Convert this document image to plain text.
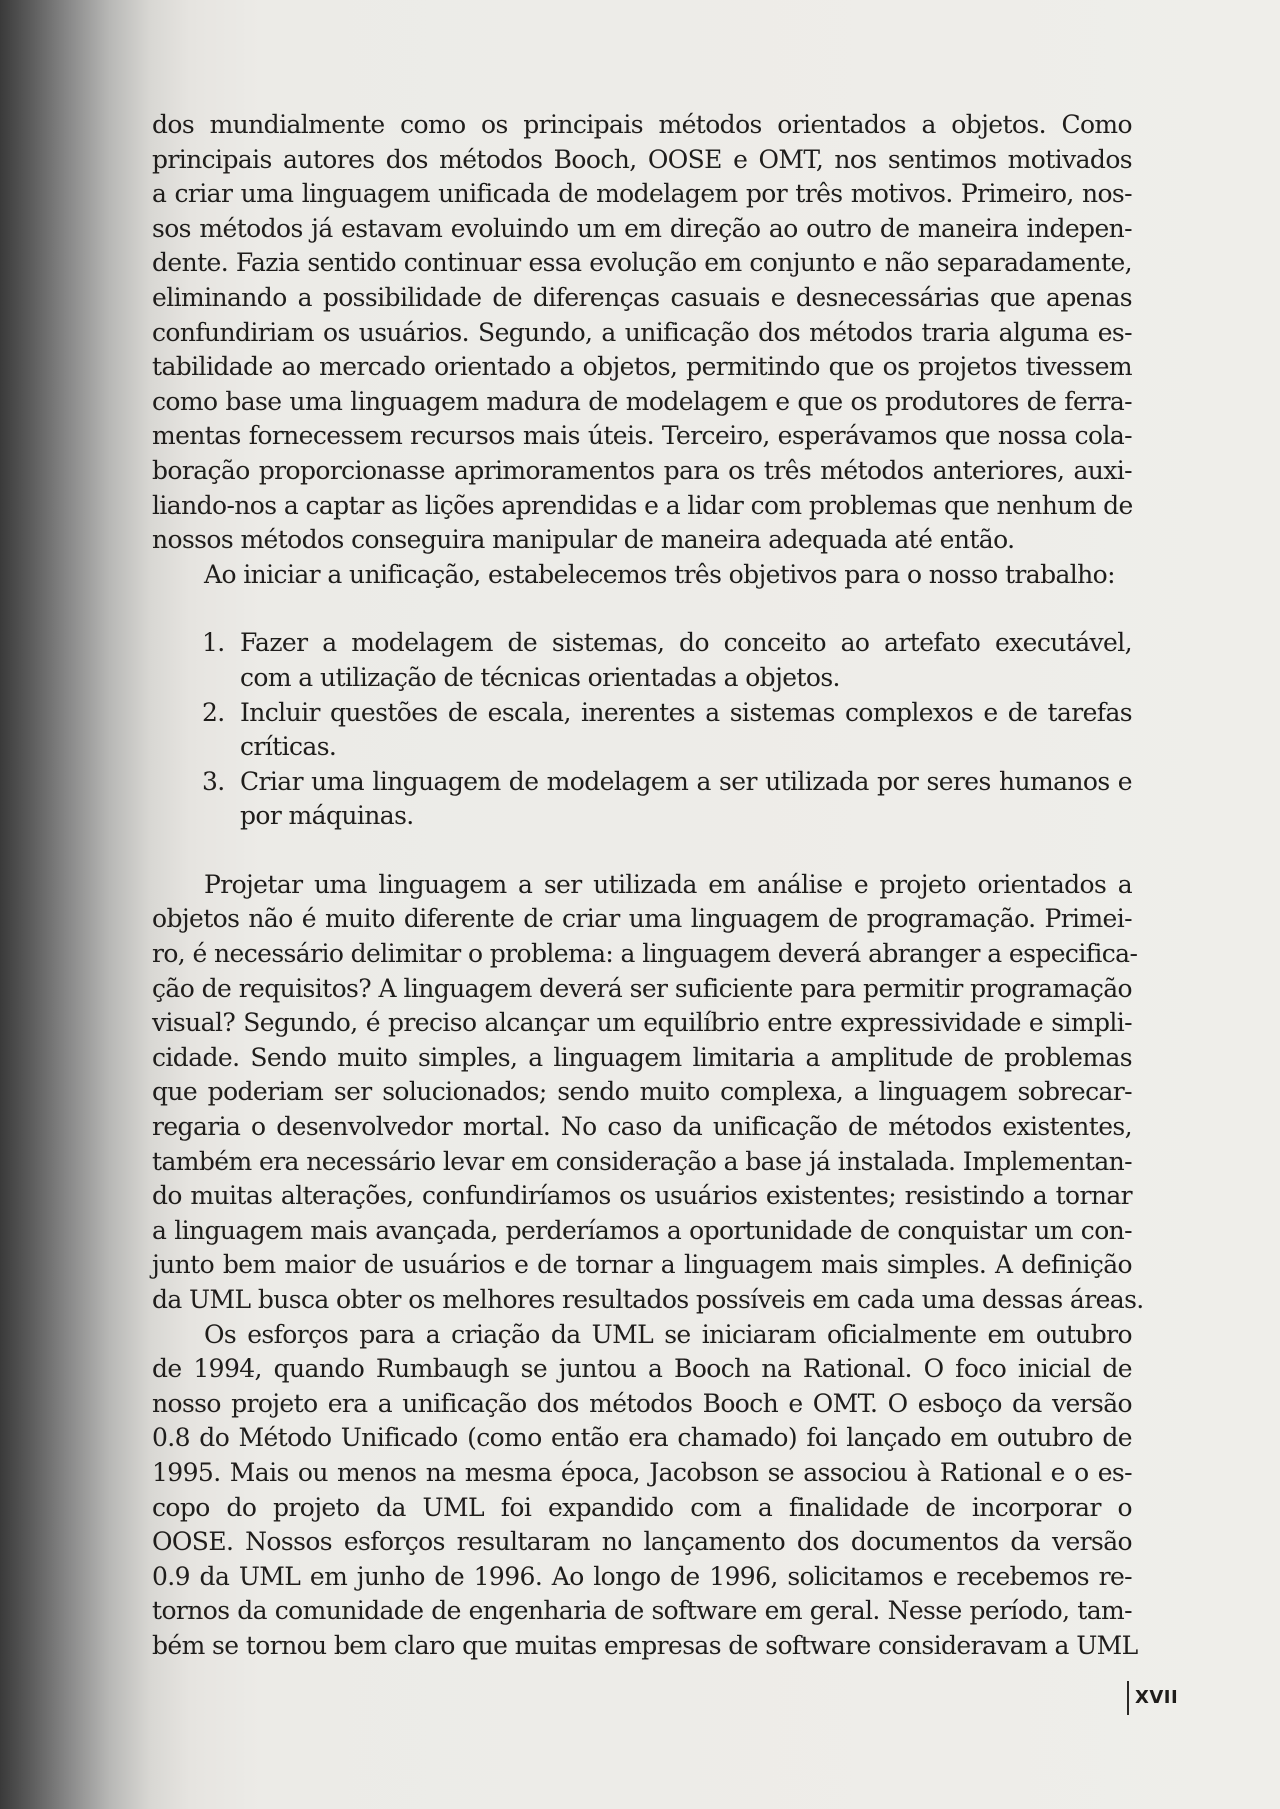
dos mundialmente como os principais métodos orientados a objetos. Como
principais autores dos métodos Booch, OOSE e OMT, nos sentimos motivados
a criar uma linguagem unificada de modelagem por três motivos. Primeiro, nos-
sos métodos já estavam evoluindo um em direção ao outro de maneira indepen-
dente. Fazia sentido continuar essa evolução em conjunto e não separadamente,
eliminando a possibilidade de diferenças casuais e desnecessárias que apenas
confundiriam os usuários. Segundo, a unificação dos métodos traria alguma es-
tabilidade ao mercado orientado a objetos, permitindo que os projetos tivessem
como base uma linguagem madura de modelagem e que os produtores de ferra-
mentas fornecessem recursos mais úteis. Terceiro, esperávamos que nossa cola-
boração proporcionasse aprimoramentos para os três métodos anteriores, auxi-
liando-nos a captar as lições aprendidas e a lidar com problemas que nenhum de
nossos métodos conseguira manipular de maneira adequada até então.
Ao iniciar a unificação, estabelecemos três objetivos para o nosso trabalho:
1. Fazer a modelagem de sistemas, do conceito ao artefato executável,
com a utilização de técnicas orientadas a objetos.
2. Incluir questões de escala, inerentes a sistemas complexos e de tarefas
críticas.
3. Criar uma linguagem de modelagem a ser utilizada por seres humanos e
por máquinas.
Projetar uma linguagem a ser utilizada em análise e projeto orientados a
objetos não é muito diferente de criar uma linguagem de programação. Primei-
ro, é necessário delimitar o problema: a linguagem deverá abranger a especifica-
ção de requisitos? A linguagem deverá ser suficiente para permitir programação
visual? Segundo, é preciso alcançar um equilíbrio entre expressividade e simpli-
cidade. Sendo muito simples, a linguagem limitaria a amplitude de problemas
que poderiam ser solucionados; sendo muito complexa, a linguagem sobrecar-
regaria o desenvolvedor mortal. No caso da unificação de métodos existentes,
também era necessário levar em consideração a base já instalada. Implementan-
do muitas alterações, confundiríamos os usuários existentes; resistindo a tornar
a linguagem mais avançada, perderíamos a oportunidade de conquistar um con-
junto bem maior de usuários e de tornar a linguagem mais simples. A definição
da UML busca obter os melhores resultados possíveis em cada uma dessas áreas.
Os esforços para a criação da UML se iniciaram oficialmente em outubro
de 1994, quando Rumbaugh se juntou a Booch na Rational. O foco inicial de
nosso projeto era a unificação dos métodos Booch e OMT. O esboço da versão
0.8 do Método Unificado (como então era chamado) foi lançado em outubro de
1995. Mais ou menos na mesma época, Jacobson se associou à Rational e o es-
copo do projeto da UML foi expandido com a finalidade de incorporar o
OOSE. Nossos esforços resultaram no lançamento dos documentos da versão
0.9 da UML em junho de 1996. Ao longo de 1996, solicitamos e recebemos re-
tornos da comunidade de engenharia de software em geral. Nesse período, tam-
bém se tornou bem claro que muitas empresas de software consideravam a UML
XVII
